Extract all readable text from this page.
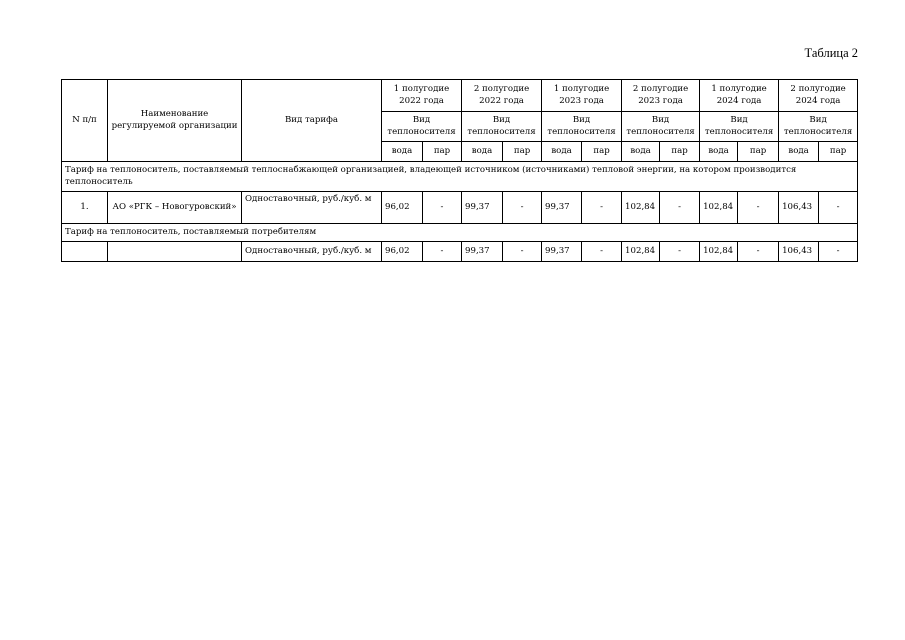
Таблица 2
N п/п	Наименование регулируемой организации	Вид тарифа	1 полугодие 2022 года		2 полугодие 2022 года		1 полугодие 2023 года		2 полугодие 2023 года		1 полугодие 2024 года		2 полугодие 2024 года	
			Вид теплоносителя		Вид теплоносителя		Вид теплоносителя		Вид теплоносителя		Вид теплоносителя		Вид теплоносителя	
			вода	пар	вода	пар	вода	пар	вода	пар	вода	пар	вода	пар
Тариф на теплоноситель, поставляемый теплоснабжающей организацией, владеющей источником (источниками) тепловой энергии, на котором производится теплоноситель														
1.	АО «РГК – Новогуровский»	Одноставочный, руб./куб. м	96,02	-	99,37	-	99,37	-	102,84	-	102,84	-	106,43	-
Тариф на теплоноситель, поставляемый потребителям														
		Одноставочный, руб./куб. м	96,02	-	99,37	-	99,37	-	102,84	-	102,84	-	106,43	-
